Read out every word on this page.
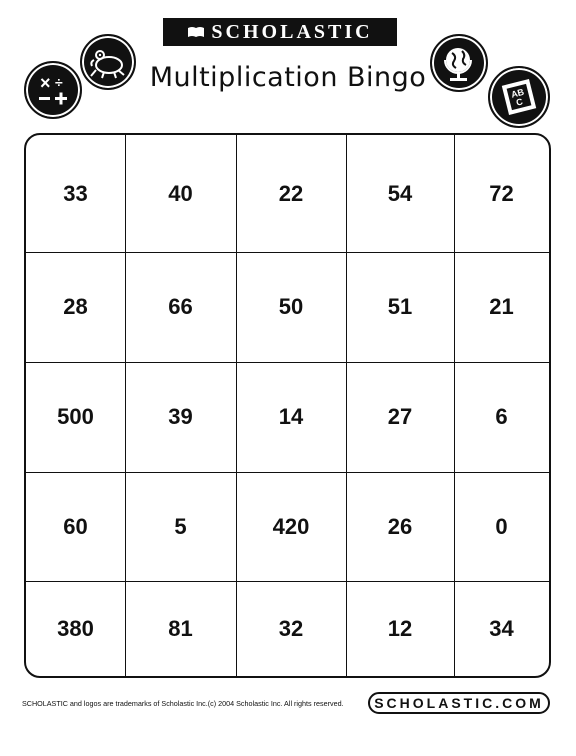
SCHOLASTIC
Multiplication Bingo
× ÷
AB
C
33	40	22	54	72
28	66	50	51	21
500	39	14	27	6
60	5	420	26	0
380	81	32	12	34
SCHOLASTIC and logos are trademarks of Scholastic Inc.(c) 2004 Scholastic Inc. All rights reserved.	SCHOLASTIC.COM
